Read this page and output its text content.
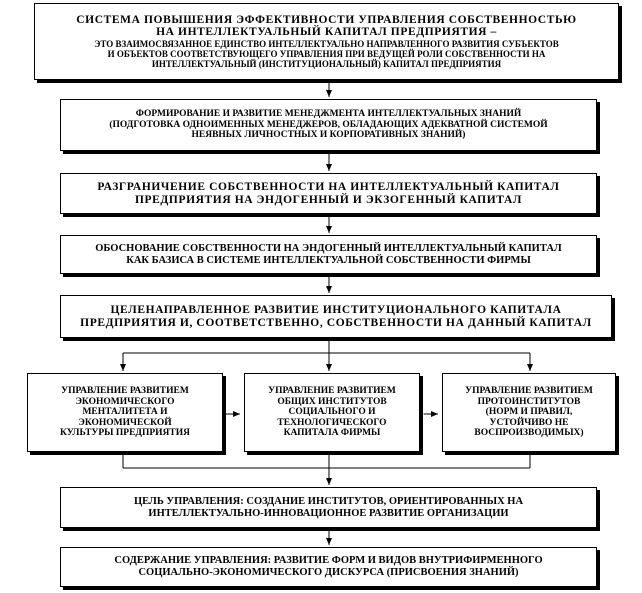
СИСТЕМА ПОВЫШЕНИЯ ЭФФЕКТИВНОСТИ УПРАВЛЕНИЯ СОБСТВЕННОСТЬЮ
НА ИНТЕЛЛЕКТУАЛЬНЫЙ КАПИТАЛ ПРЕДПРИЯТИЯ –
ЭТО ВЗАИМОСВЯЗАННОЕ ЕДИНСТВО ИНТЕЛЛЕКТУАЛЬНО НАПРАВЛЕННОГО РАЗВИТИЯ СУБЪЕКТОВ
И ОБЪЕКТОВ СООТВЕТСТВУЮЩЕГО УПРАВЛЕНИЯ ПРИ ВЕДУЩЕЙ РОЛИ СОБСТВЕННОСТИ НА
ИНТЕЛЛЕКТУАЛЬНЫЙ (ИНСТИТУЦИОНАЛЬНЫЙ) КАПИТАЛ ПРЕДПРИЯТИЯ
ФОРМИРОВАНИЕ И РАЗВИТИЕ МЕНЕДЖМЕНТА ИНТЕЛЛЕКТУАЛЬНЫХ ЗНАНИЙ
(ПОДГОТОВКА ОДНОИМЕННЫХ МЕНЕДЖЕРОВ, ОБЛАДАЮЩИХ АДЕКВАТНОЙ СИСТЕМОЙ
НЕЯВНЫХ ЛИЧНОСТНЫХ И КОРПОРАТИВНЫХ ЗНАНИЙ)
РАЗГРАНИЧЕНИЕ СОБСТВЕННОСТИ НА ИНТЕЛЛЕКТУАЛЬНЫЙ КАПИТАЛ
ПРЕДПРИЯТИЯ НА ЭНДОГЕННЫЙ И ЭКЗОГЕННЫЙ КАПИТАЛ
ОБОСНОВАНИЕ СОБСТВЕННОСТИ НА ЭНДОГЕННЫЙ ИНТЕЛЛЕКТУАЛЬНЫЙ КАПИТАЛ
КАК БАЗИСА В СИСТЕМЕ ИНТЕЛЛЕКТУАЛЬНОЙ СОБСТВЕННОСТИ ФИРМЫ
ЦЕЛЕНАПРАВЛЕННОЕ РАЗВИТИЕ ИНСТИТУЦИОНАЛЬНОГО КАПИТАЛА
ПРЕДПРИЯТИЯ И, СООТВЕТСТВЕННО, СОБСТВЕННОСТИ НА ДАННЫЙ КАПИТАЛ
УПРАВЛЕНИЕ РАЗВИТИЕМ
ЭКОНОМИЧЕСКОГО
МЕНТАЛИТЕТА И
ЭКОНОМИЧЕСКОЙ
КУЛЬТУРЫ ПРЕДПРИЯТИЯ
УПРАВЛЕНИЕ РАЗВИТИЕМ
ОБЩИХ ИНСТИТУТОВ
СОЦИАЛЬНОГО И
ТЕХНОЛОГИЧЕСКОГО
КАПИТАЛА ФИРМЫ
УПРАВЛЕНИЕ РАЗВИТИЕМ
ПРОТОИНСТИТУТОВ
(НОРМ И ПРАВИЛ,
УСТОЙЧИВО НЕ
ВОСПРОИЗВОДИМЫХ)
ЦЕЛЬ УПРАВЛЕНИЯ: СОЗДАНИЕ ИНСТИТУТОВ, ОРИЕНТИРОВАННЫХ НА
ИНТЕЛЛЕКТУАЛЬНО-ИННОВАЦИОННОЕ РАЗВИТИЕ ОРГАНИЗАЦИИ
СОДЕРЖАНИЕ УПРАВЛЕНИЯ: РАЗВИТИЕ ФОРМ И ВИДОВ ВНУТРИФИРМЕННОГО
СОЦИАЛЬНО-ЭКОНОМИЧЕСКОГО ДИСКУРСА (ПРИСВОЕНИЯ ЗНАНИЙ)
